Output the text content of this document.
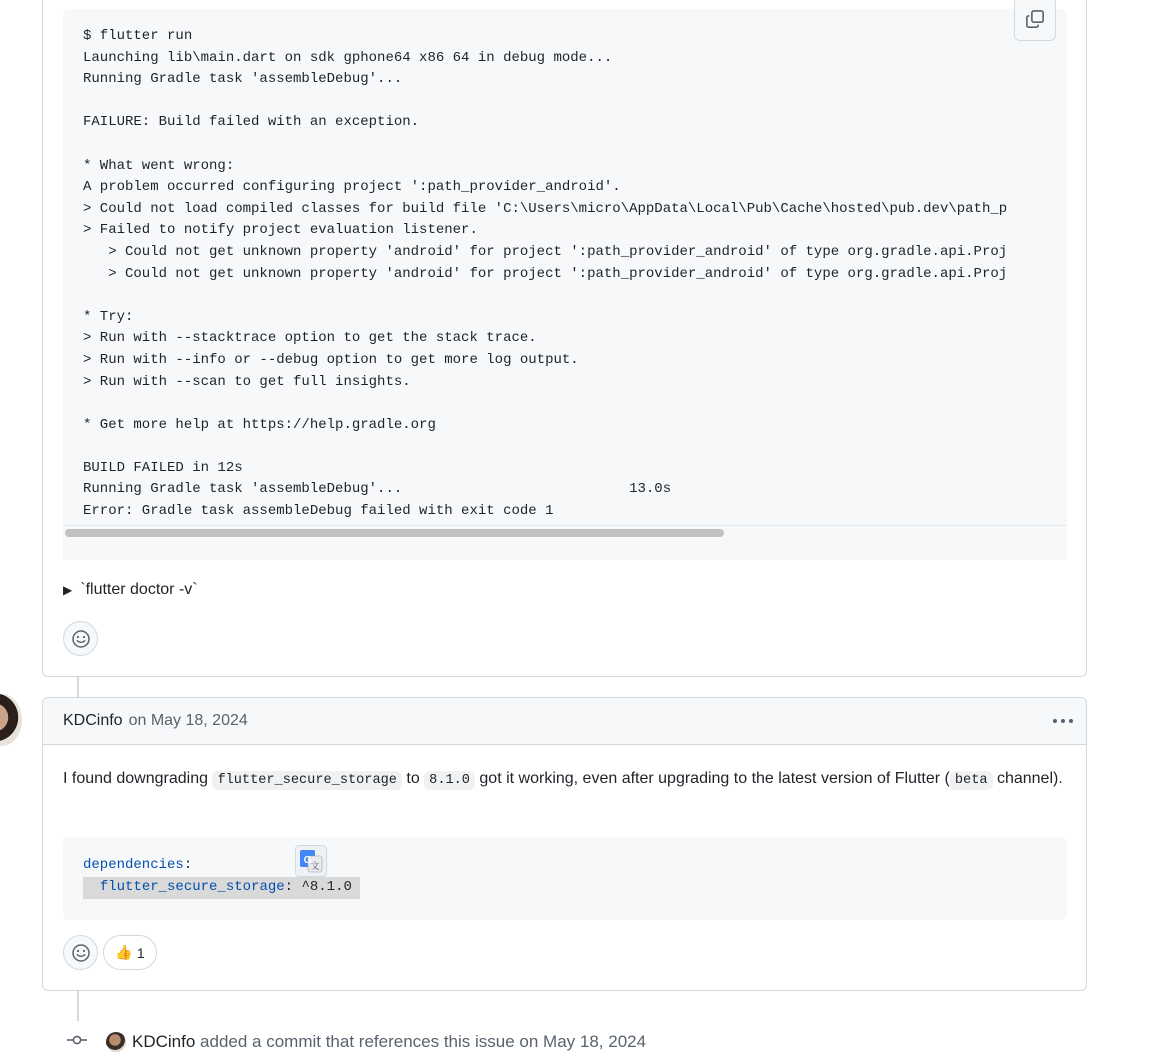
$ flutter run
Launching lib\main.dart on sdk gphone64 x86 64 in debug mode...
Running Gradle task 'assembleDebug'...

FAILURE: Build failed with an exception.

* What went wrong:
A problem occurred configuring project ':path_provider_android'.
> Could not load compiled classes for build file 'C:\Users\micro\AppData\Local\Pub\Cache\hosted\pub.dev\path_p
> Failed to notify project evaluation listener.
> Could not get unknown property 'android' for project ':path_provider_android' of type org.gradle.api.Proj
> Could not get unknown property 'android' for project ':path_provider_android' of type org.gradle.api.Proj

* Try:
> Run with --stacktrace option to get the stack trace.
> Run with --info or --debug option to get more log output.
> Run with --scan to get full insights.

* Get more help at https://help.gradle.org

BUILD FAILED in 12s
Running Gradle task 'assembleDebug'...                           13.0s
Error: Gradle task assembleDebug failed with exit code 1

▶ `flutter doctor -v`
KDCinfo on May 18, 2024
I found downgrading flutter_secure_storage to 8.1.0 got it working, even after upgrading to the latest version of Flutter ( beta channel).
dependencies:
flutter_secure_storage: ^8.1.0
G 文
👍 1
KDCinfo added a commit that references this issue on May 18, 2024
